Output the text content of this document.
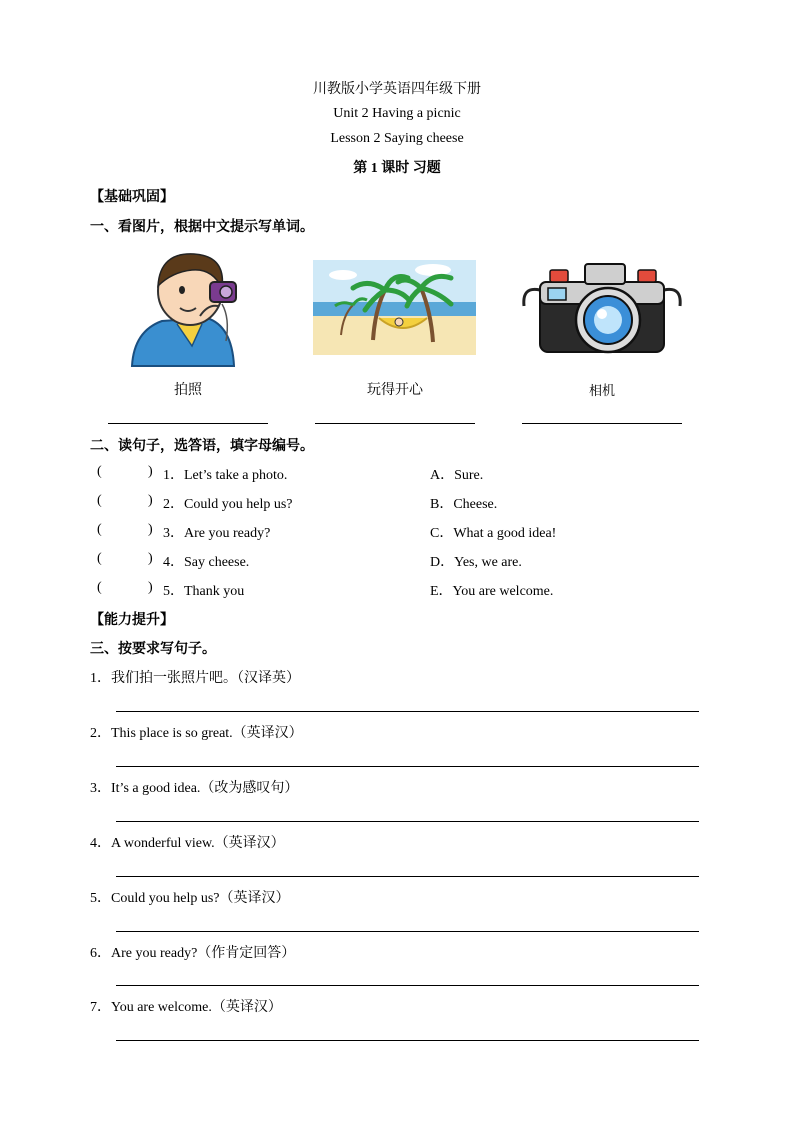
川教版小学英语四年级下册
Unit 2 Having a picnic
Lesson 2 Saying cheese
第 1 课时 习题
【基础巩固】
一、看图片，根据中文提示写单词。
拍照	玩得开心	相机
二、读句子，选答语，填字母编号。
(	) 1．Let’s take a photo.	A．Sure.
(	) 2．Could you help us?	B．Cheese.
(	) 3．Are you ready?	C．What a good idea!
(	) 4．Say cheese.	D．Yes, we are.
(	) 5．Thank you	E．You are welcome.
【能力提升】
三、按要求写句子。
1．我们拍一张照片吧。（汉译英）
2．This place is so great.（英译汉）
3．It’s a good idea.（改为感叹句）
4．A wonderful view.（英译汉）
5．Could you help us?（英译汉）
6．Are you ready?（作肯定回答）
7．You are welcome.（英译汉）
